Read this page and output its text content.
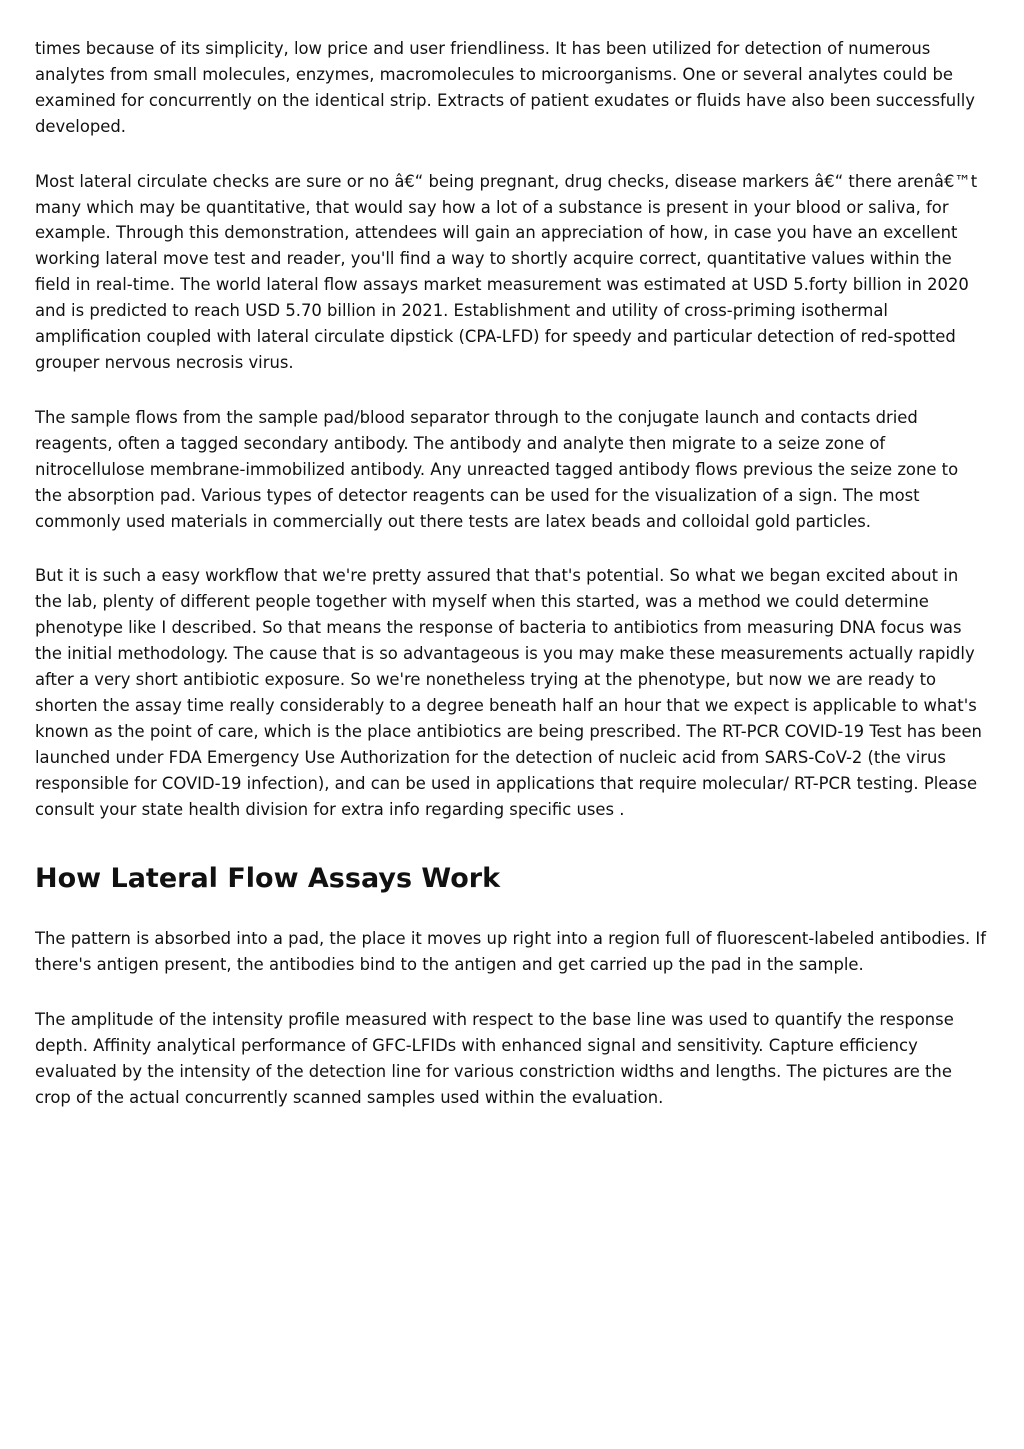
times because of its simplicity, low price and user friendliness. It has been utilized for detection of numerous analytes from small molecules, enzymes, macromolecules to microorganisms. One or several analytes could be examined for concurrently on the identical strip. Extracts of patient exudates or fluids have also been successfully developed.

Most lateral circulate checks are sure or no â€“ being pregnant, drug checks, disease markers â€“ there arenâ€™t many which may be quantitative, that would say how a lot of a substance is present in your blood or saliva, for example. Through this demonstration, attendees will gain an appreciation of how, in case you have an excellent working lateral move test and reader, you'll find a way to shortly acquire correct, quantitative values within the field in real-time. The world lateral flow assays market measurement was estimated at USD 5.forty billion in 2020 and is predicted to reach USD 5.70 billion in 2021. Establishment and utility of cross-priming isothermal amplification coupled with lateral circulate dipstick (CPA-LFD) for speedy and particular detection of red-spotted grouper nervous necrosis virus.

The sample flows from the sample pad/blood separator through to the conjugate launch and contacts dried reagents, often a tagged secondary antibody. The antibody and analyte then migrate to a seize zone of nitrocellulose membrane-immobilized antibody. Any unreacted tagged antibody flows previous the seize zone to the absorption pad. Various types of detector reagents can be used for the visualization of a sign. The most commonly used materials in commercially out there tests are latex beads and colloidal gold particles.

But it is such a easy workflow that we're pretty assured that that's potential. So what we began excited about in the lab, plenty of different people together with myself when this started, was a method we could determine phenotype like I described. So that means the response of bacteria to antibiotics from measuring DNA focus was the initial methodology. The cause that is so advantageous is you may make these measurements actually rapidly after a very short antibiotic exposure. So we're nonetheless trying at the phenotype, but now we are ready to shorten the assay time really considerably to a degree beneath half an hour that we expect is applicable to what's known as the point of care, which is the place antibiotics are being prescribed. The RT-PCR COVID-19 Test has been launched under FDA Emergency Use Authorization for the detection of nucleic acid from SARS-CoV-2 (the virus responsible for COVID-19 infection), and can be used in applications that require molecular/ RT-PCR testing. Please consult your state health division for extra info regarding specific uses .

How Lateral Flow Assays Work

The pattern is absorbed into a pad, the place it moves up right into a region full of fluorescent-labeled antibodies. If there's antigen present, the antibodies bind to the antigen and get carried up the pad in the sample.

The amplitude of the intensity profile measured with respect to the base line was used to quantify the response depth. Affinity analytical performance of GFC-LFIDs with enhanced signal and sensitivity. Capture efficiency evaluated by the intensity of the detection line for various constriction widths and lengths. The pictures are the crop of the actual concurrently scanned samples used within the evaluation.
